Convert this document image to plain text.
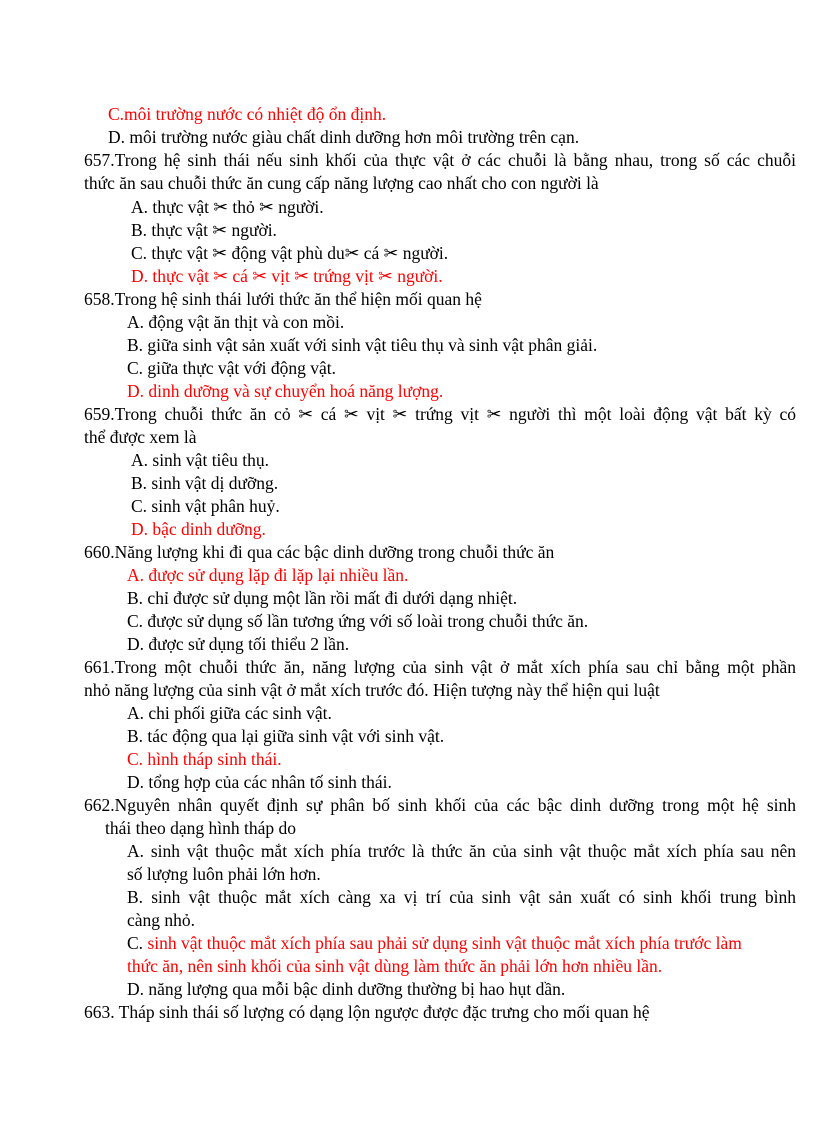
C.môi trường nước có nhiệt độ ổn định.
D. môi trường nước giàu chất dinh dưỡng hơn môi trường trên cạn.
657.Trong hệ sinh thái nếu sinh khối của thực vật ở các chuỗi là bằng nhau, trong số các chuỗi
thức ăn sau chuỗi thức ăn cung cấp năng lượng cao nhất cho con người là
A. thực vật ✂ thỏ ✂ người.
B. thực vật ✂ người.
C. thực vật ✂ động vật phù du✂ cá ✂ người.
D. thực vật ✂ cá ✂ vịt ✂ trứng vịt ✂ người.
658.Trong hệ sinh thái lưới thức ăn thể hiện mối quan hệ
A. động vật ăn thịt và con mồi.
B. giữa sinh vật sản xuất với sinh vật tiêu thụ và sinh vật phân giải.
C. giữa thực vật với động vật.
D. dinh dưỡng và sự chuyển hoá năng lượng.
659.Trong chuỗi thức ăn cỏ ✂ cá ✂ vịt ✂ trứng vịt ✂ người thì một loài động vật bất kỳ có
thể được xem là
A. sinh vật tiêu thụ.
B. sinh vật dị dưỡng.
C. sinh vật phân huỷ.
D. bậc dinh dưỡng.
660.Năng lượng khi đi qua các bậc dinh dưỡng trong chuỗi thức ăn
A. được sử dụng lặp đi lặp lại nhiều lần.
B. chỉ được sử dụng một lần rồi mất đi dưới dạng nhiệt.
C. được sử dụng số lần tương ứng với số loài trong chuỗi thức ăn.
D. được sử dụng tối thiểu 2 lần.
661.Trong một chuỗi thức ăn, năng lượng của sinh vật ở mắt xích phía sau chỉ bằng một phần
nhỏ năng lượng của sinh vật ở mắt xích trước đó. Hiện tượng này thể hiện qui luật
A. chi phối giữa các sinh vật.
B. tác động qua lại giữa sinh vật với sinh vật.
C. hình tháp sinh thái.
D. tổng hợp của các nhân tố sinh thái.
662.Nguyên nhân quyết định sự phân bố sinh khối của các bậc dinh dưỡng trong một hệ sinh
thái theo dạng hình tháp do
A. sinh vật thuộc mắt xích phía trước là thức ăn của sinh vật thuộc mắt xích phía sau nên
số lượng luôn phải lớn hơn.
B. sinh vật thuộc mắt xích càng xa vị trí của sinh vật sản xuất có sinh khối trung bình
càng nhỏ.
C. sinh vật thuộc mắt xích phía sau phải sử dụng sinh vật thuộc mắt xích phía trước làm
thức ăn, nên sinh khối của sinh vật dùng làm thức ăn phải lớn hơn nhiều lần.
D. năng lượng qua mỗi bậc dinh dưỡng thường bị hao hụt dần.
663. Tháp sinh thái số lượng có dạng lộn ngược được đặc trưng cho mối quan hệ
